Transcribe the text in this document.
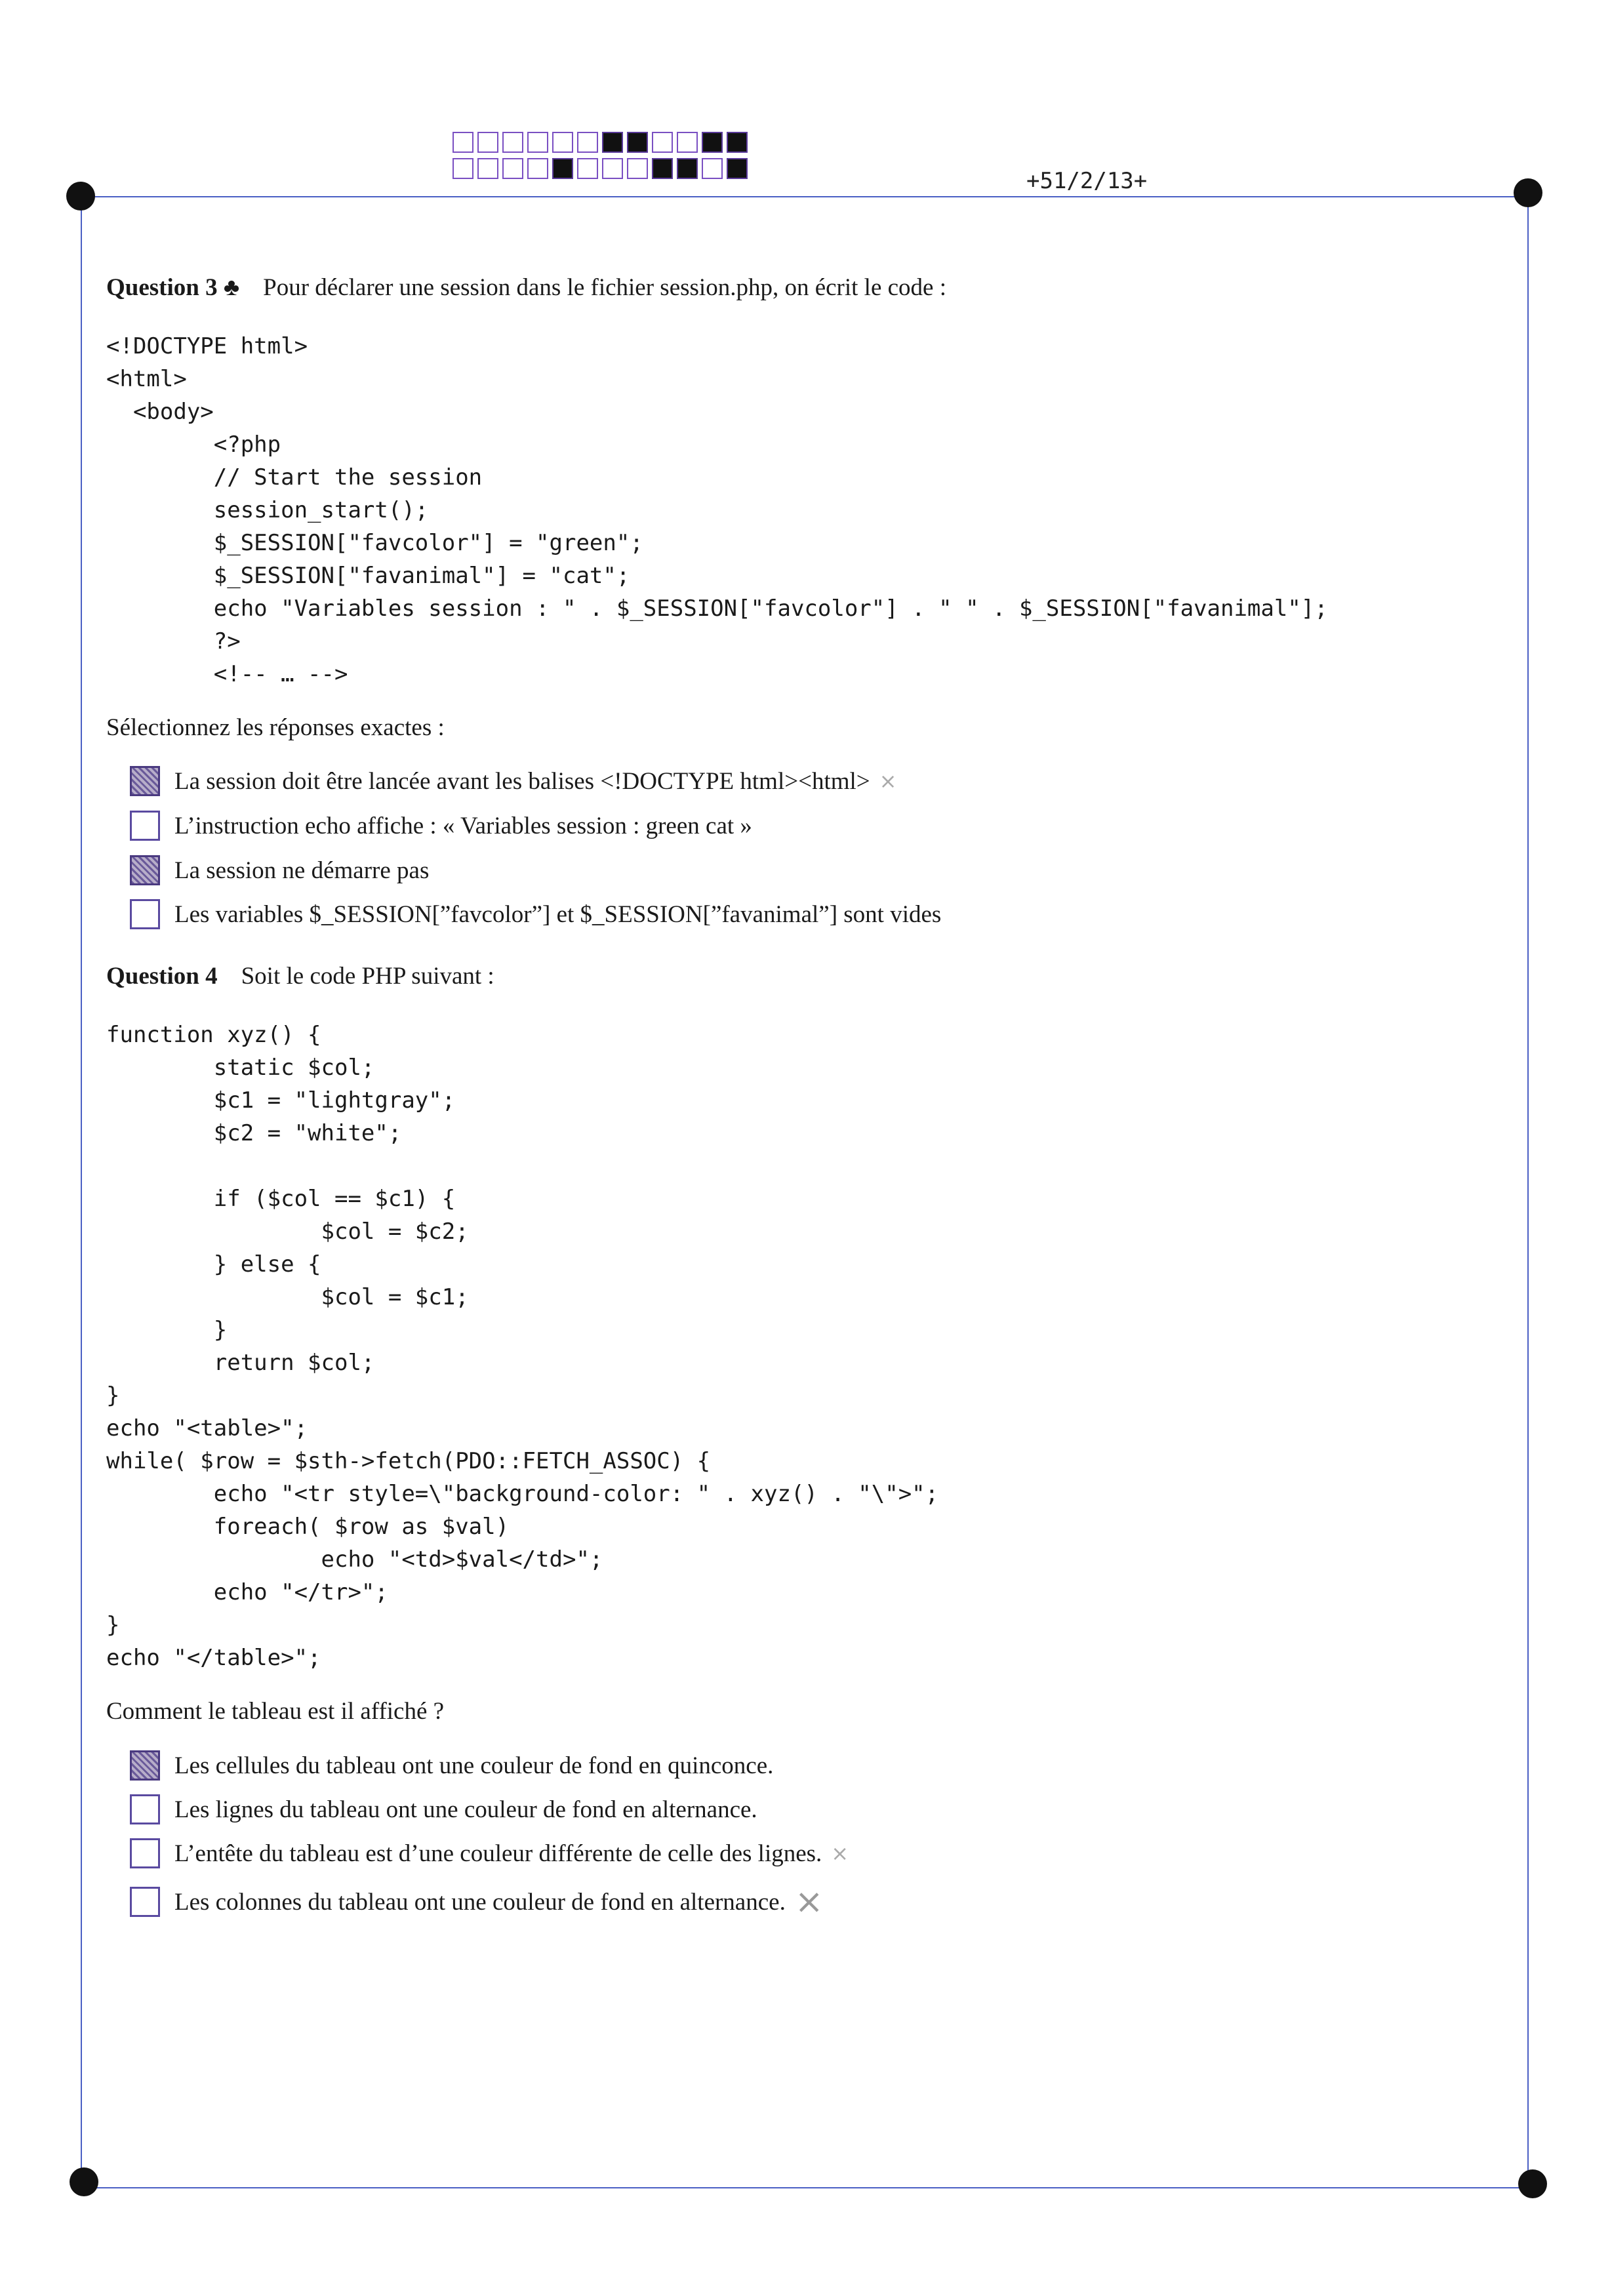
+51/2/13+
Question 3 ♣ Pour déclarer une session dans le fichier session.php, on écrit le code :
<!DOCTYPE html>
<html>
<body>
<?php
// Start the session
session_start();
$_SESSION["favcolor"] = "green";
$_SESSION["favanimal"] = "cat";
echo "Variables session : " . $_SESSION["favcolor"] . " " . $_SESSION["favanimal"];
?>
<!-- … -->
Sélectionnez les réponses exactes :
La session doit être lancée avant les balises <!DOCTYPE html><html> ×
L’instruction echo affiche : « Variables session : green cat »
La session ne démarre pas
Les variables $_SESSION[”favcolor”] et $_SESSION[”favanimal”] sont vides
Question 4 Soit le code PHP suivant :
function xyz() {
static $col;
$c1 = "lightgray";
$c2 = "white";

if ($col == $c1) {
$col = $c2;
} else {
$col = $c1;
}
return $col;
}
echo "<table>";
while( $row = $sth->fetch(PDO::FETCH_ASSOC) {
echo "<tr style=\"background-color: " . xyz() . "\">";
foreach( $row as $val)
echo "<td>$val</td>";
echo "</tr>";
}
echo "</table>";
Comment le tableau est il affiché ?
Les cellules du tableau ont une couleur de fond en quinconce.
Les lignes du tableau ont une couleur de fond en alternance.
L’entête du tableau est d’une couleur différente de celle des lignes. ×
Les colonnes du tableau ont une couleur de fond en alternance. ×
